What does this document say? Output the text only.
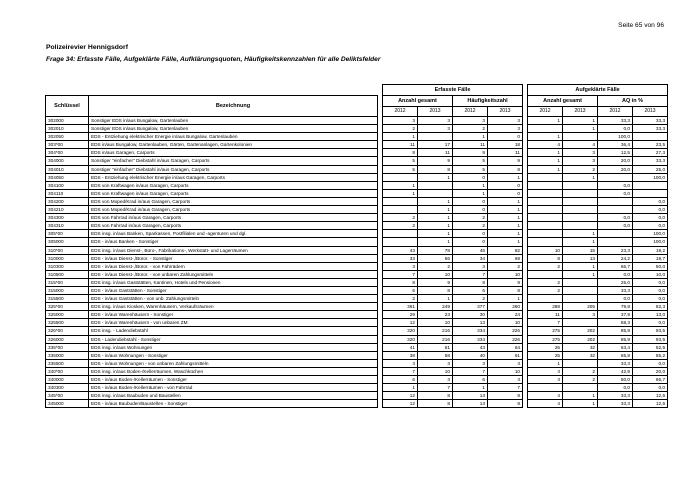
Seite 65 von 96
Polizeirevier Hennigsdorf
Frage 34: Erfasste Fälle, Aufgeklärte Fälle, Aufklärungsquoten, Häufigkeitskennzahlen für alle Deliktsfelder
			Erfasste Fälle					Aufgeklärte Fälle			
Schlüssel	Bezeichnung		Anzahl gesamt		Häufigkeitszahl			Anzahl gesamt		AQ in %	
			2012	2013	2012	2013		2012	2013	2012	2013
302000	Sonstiger EDS in/aus Bungalow, Gartenlauben		3	3	3	3		1	1	33,3	33,3
302010	Sonstiger EDS in/aus Bungalow, Gartenlauben		2	3	2	3			1	0,0	33,3
302050	EDS - Entziehung elektrischer Energie in/aus Bungalow, Gartenlauben		1		1	0		1		100,0	
303*00	EDS in/aus Bungalow, Gartenlauben, Gärten, Gartenanlagen, Gartenkolonien		11	17	11	18		4	4	36,4	23,5
304*00	EDS in/aus Garagen, Carports		8	11	8	11		1	3	12,5	27,3
304000	Sonstiger "einfacher" Diebstahl in/aus Garagen, Carports		5	9	5	9		1	3	20,0	33,3
304010	Sonstiger "einfacher" Diebstahl in/aus Garagen, Carports		5	8	5	8		1	2	20,0	25,0
304050	EDS - Entziehung elektrischer Energie in/aus Garagen, Carports			1	0	1			1		100,0
304100	EDS von Kraftwagen in/aus Garagen, Carports		1		1	0				0,0	
304110	EDS von Kraftwagen in/aus Garagen, Carports		1		1	0				0,0	
304200	EDS von Moped/Krad in/aus Garagen, Carports			1	0	1					0,0
304210	EDS von Moped/Krad in/aus Garagen, Carports			1	0	1					0,0
304300	EDS von Fahrrad in/aus Garagen, Carports		2	1	2	1				0,0	0,0
304310	EDS von Fahrrad in/aus Garagen, Carports		2	1	2	1				0,0	0,0
305*00	EDS insg. in/aus Banken, Sparkassen, Postfilialen und -agenturen und dgl.			1	0	1			1		100,0
305000	EDS - in/aus Banken - Sonstiger			1	0	1			1		100,0
310*00	EDS insg. in/aus Dienst-, Büro-, Fabrikations-, Werkstatt- und Lagerräumen		43	78	45	82		10	15	23,3	19,2
310000	EDS - in/aus Dienst-,/Büror. - Sonstiger		33	66	34	69		8	13	24,2	19,7
310300	EDS - in/aus Dienst-,/Büror. - von Fahrrädern		3	2	3	2		2	1	66,7	50,0
310500	EDS - in/aus Dienst-,/Büror. - von unbaren Zahlungsmitteln		7	10	7	10			1	0,0	10,0
315*00	EDS insg. in/aus Gaststätten, Kantinen, Hotels und Pensionen		8	9	8	9		2		25,0	0,0
315000	EDS - in/aus Gaststätten - Sonstiger		6	8	6	8		2		33,3	0,0
315500	EDS - in/aus Gaststätten - von unb. Zahlungsmitteln		2	1	2	1				0,0	0,0
325*00	EDS insg. in/aus Kiosken, Warenhäusern, Verkaufsräumen		361	249	377	260		288	205	79,8	82,3
325000	EDS - in/aus Warenhäusern - Sonstiger		29	23	30	24		11	3	37,9	13,0
325500	EDS - in/aus Warenhäusern - von unbaren ZM		12	10	13	10		7		58,3	0,0
326*00	EDS insg. - Ladendiebstahl		320	216	334	226		275	202	85,9	93,5
326000	EDS - Ladendiebstahl - Sonstiger		320	216	334	226		275	202	85,9	93,5
335*00	EDS insg. in/aus Wohnungen		41	61	43	64		26	32	63,4	52,5
335000	EDS - in/aus Wohnungen - Sonstiger		38	58	40	61		25	32	65,8	55,2
335500	EDS - in/aus Wohnungen - von unbaren Zahlungsmitteln		3	3	3	3		1		33,3	0,0
340*00	EDS insg. in/aus Boden-/Kellerräumen, Waschküchen		7	10	7	10		3	2	42,9	20,0
340000	EDS - in/aus Boden-/Kellerräumen - Sonstiger		6	3	6	3		3	2	50,0	66,7
340300	EDS - in/aus Boden-/Kellerräumen - von Fahrrad		1	7	1	7				0,0	0,0
345*00	EDS insg. in/aus Baubuden und Baustellen		12	8	13	8		4	1	33,3	12,5
345000	EDS - in/aus Baubuden/Baustellen - Sonstiger		12	8	13	8		4	1	33,3	12,5
